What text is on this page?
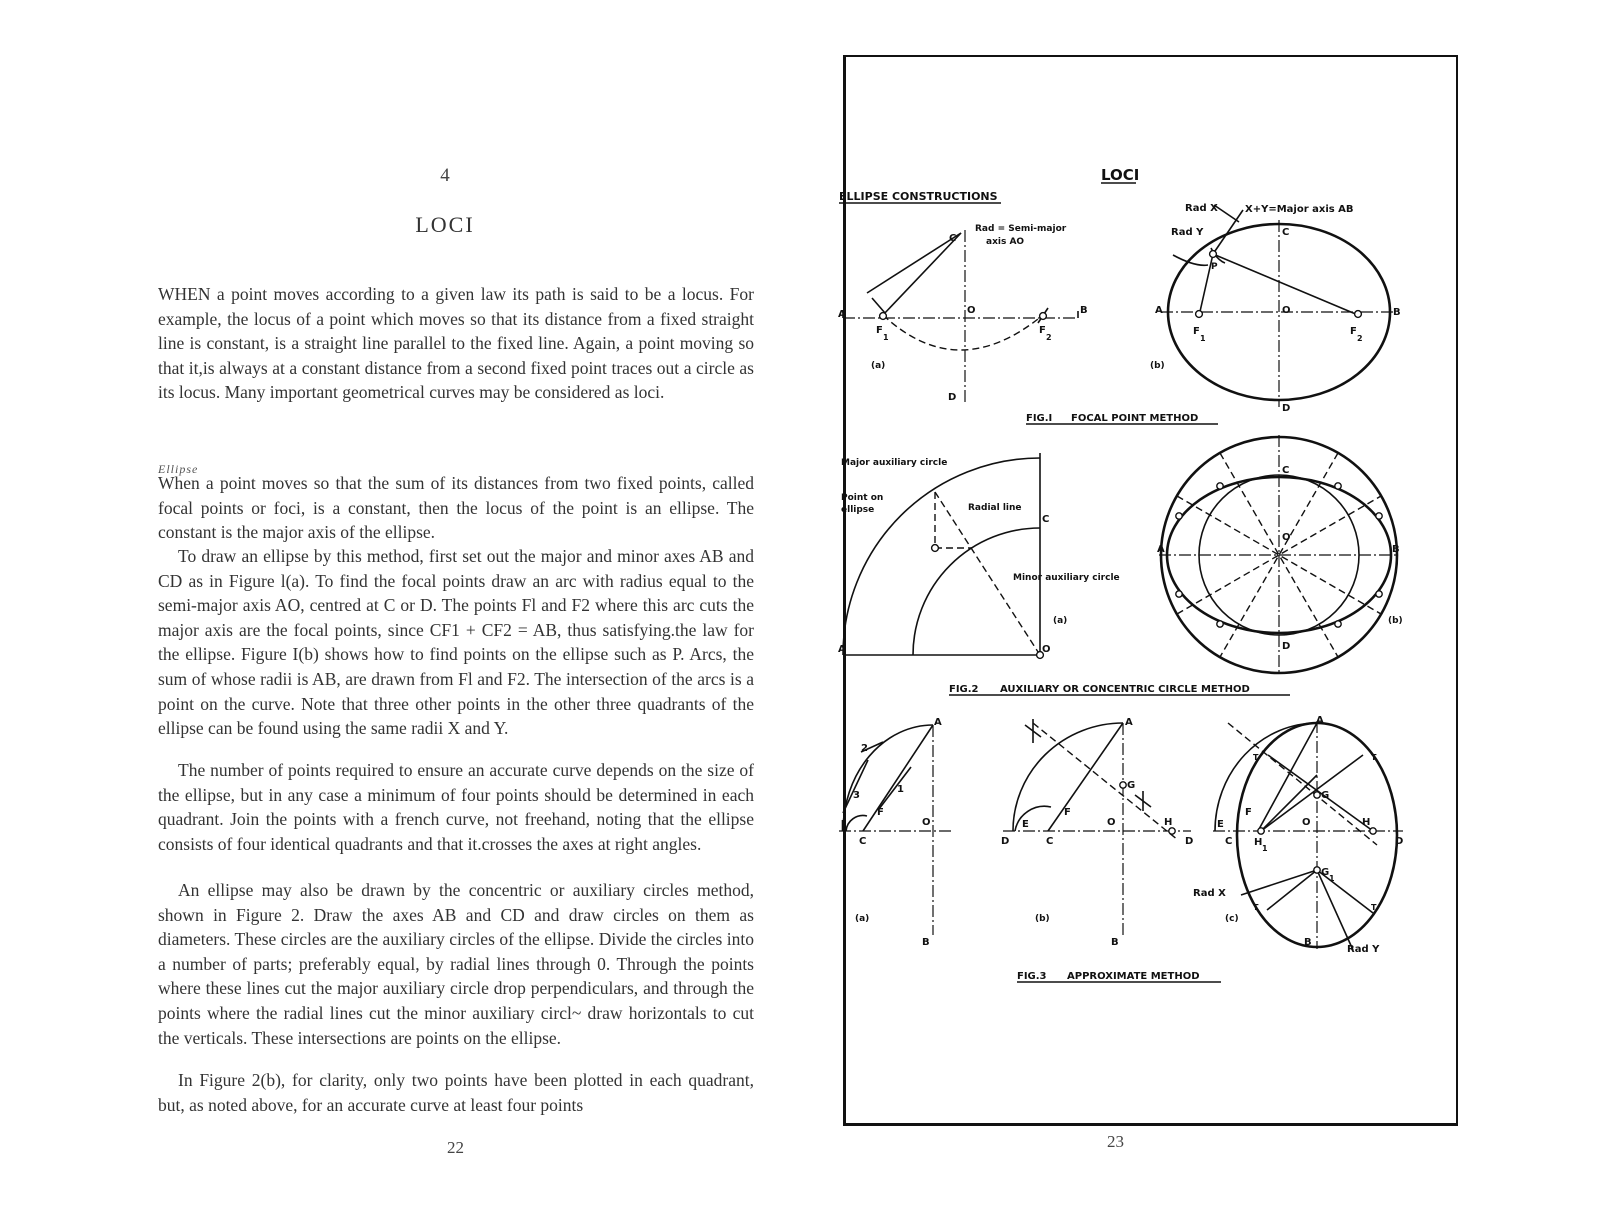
4
LOCI

WHEN a point moves according to a given law its path is said to be a locus. For example, the locus of a point which moves so that its distance from a fixed straight line is constant, is a straight line parallel to the fixed line. Again, a point moving so that it,is always at a constant distance from a second fixed point traces out a circle as its locus. Many important geometrical curves may be considered as loci.

Ellipse

When a point moves so that the sum of its distances from two fixed points, called focal points or foci, is a constant, then the locus of the point is an ellipse. The constant is the major axis of the ellipse.

To draw an ellipse by this method, first set out the major and minor axes AB and CD as in Figure l(a). To find the focal points draw an arc with radius equal to the semi-major axis AO, centred at C or D. The points Fl and F2 where this arc cuts the major axis are the focal points, since CF1 + CF2 = AB, thus satisfying.the law for the ellipse. Figure I(b) shows how to find points on the ellipse such as P. Arcs, the sum of whose radii is AB, are drawn from Fl and F2. The intersection of the arcs is a point on the curve. Note that three other points in the other three quadrants of the ellipse can be found using the same radii X and Y.

The number of points required to ensure an accurate curve depends on the size of the ellipse, but in any case a minimum of four points should be determined in each quadrant. Join the points with a french curve, not freehand, noting that the ellipse consists of four identical quadrants and that it.crosses the axes at right angles.

An ellipse may also be drawn by the concentric or auxiliary circles method, shown in Figure 2. Draw the axes AB and CD and draw circles on them as diameters. These circles are the auxiliary circles of the ellipse. Divide the circles into a number of parts; preferably equal, by radial lines through 0. Through the points where these lines cut the major auxiliary circle drop perpendiculars, and through the points where the radial lines cut the minor auxiliary circl~ draw horizontals to cut the verticals. These intersections are points on the ellipse.

In Figure 2(b), for clarity, only two points have been plotted in each quadrant, but, as noted above, for an accurate curve at least four points

22
LOCI
ELLIPSE CONSTRUCTIONS
A	B
C
D
O
F
1
F
2
Rad = Semi-major
axis AO
(a)
A	B
C
D
O
P
F
1
F
2
Rad X	X+Y=Major axis AB
Rad Y
(b)
FIG.I FOCAL POINT METHOD
Major auxiliary circle
Point on
ellipse	Radial line
Minor auxiliary circle
C
O
A
(a)
C
D
O
A	B
(b)
FIG.2 AUXILIARY OR CONCENTRIC CIRCLE METHOD
A
B
C
O
F
1
2
3
(a)
A
B
C
D
E
F
G
H
O
D
(b)
A
B
C	D
E
F
G
G
1
H
H
1
O
T	T
T	T
Rad X
Rad Y
(c)
FIG.3 APPROXIMATE METHOD
23
